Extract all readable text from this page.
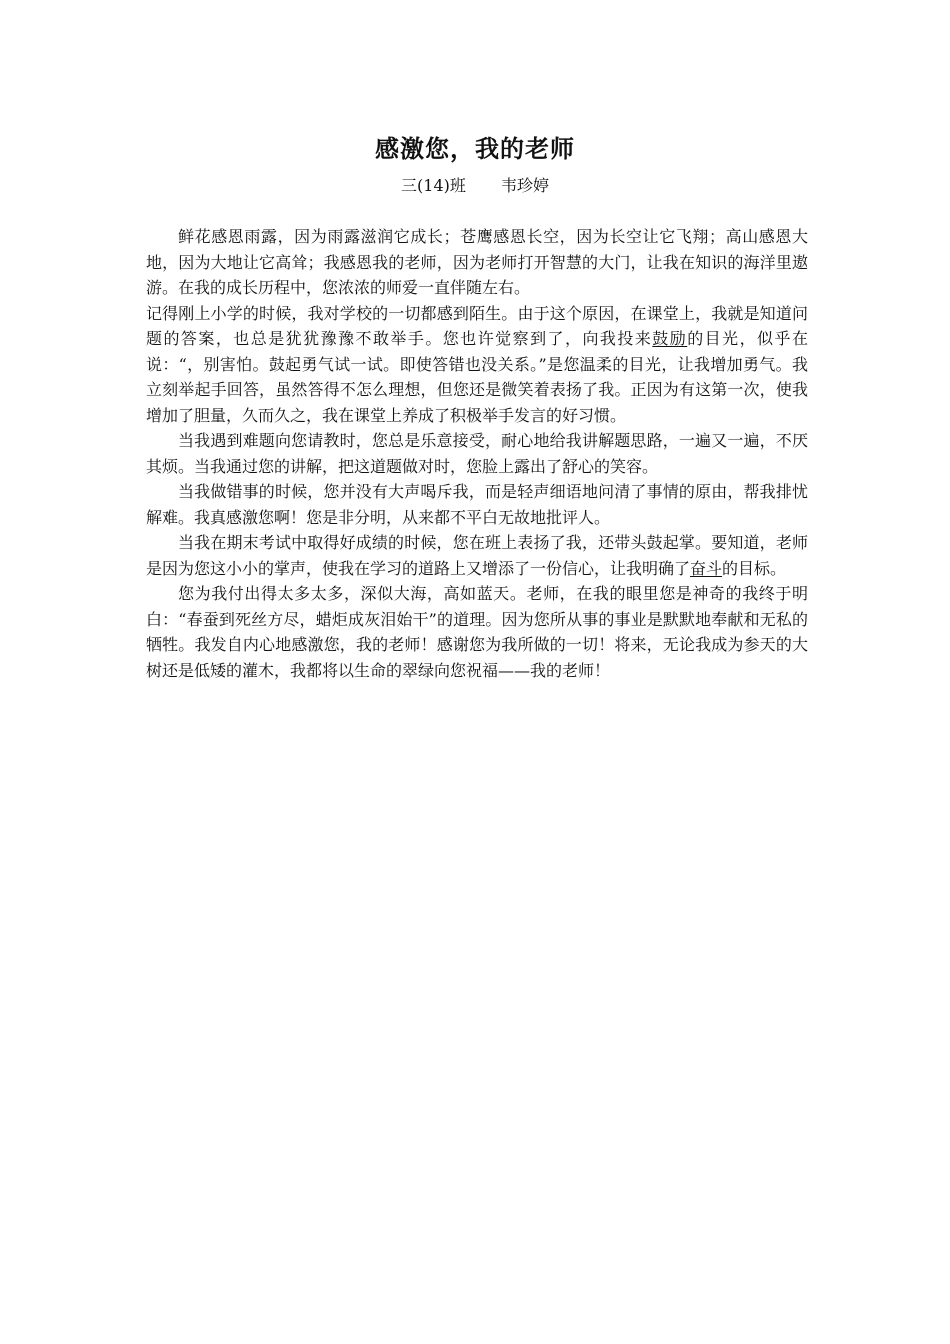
感激您，我的老师
三(14)班 韦珍婷

鲜花感恩雨露，因为雨露滋润它成长；苍鹰感恩长空，因为长空让它飞翔；高山感恩大地，因为大地让它高耸；我感恩我的老师，因为老师打开智慧的大门，让我在知识的海洋里遨游。在我的成长历程中，您浓浓的师爱一直伴随左右。

记得刚上小学的时候，我对学校的一切都感到陌生。由于这个原因，在课堂上，我就是知道问题的答案，也总是犹犹豫豫不敢举手。您也许觉察到了，向我投来鼓励的目光，似乎在说：“，别害怕。鼓起勇气试一试。即使答错也没关系。”是您温柔的目光，让我增加勇气。我立刻举起手回答，虽然答得不怎么理想，但您还是微笑着表扬了我。正因为有这第一次，使我增加了胆量，久而久之，我在课堂上养成了积极举手发言的好习惯。

当我遇到难题向您请教时，您总是乐意接受，耐心地给我讲解题思路，一遍又一遍，不厌其烦。当我通过您的讲解，把这道题做对时，您脸上露出了舒心的笑容。

当我做错事的时候，您并没有大声喝斥我，而是轻声细语地问清了事情的原由，帮我排忧解难。我真感激您啊！您是非分明，从来都不平白无故地批评人。

当我在期末考试中取得好成绩的时候，您在班上表扬了我，还带头鼓起掌。要知道，老师是因为您这小小的掌声，使我在学习的道路上又增添了一份信心，让我明确了奋斗的目标。

您为我付出得太多太多，深似大海，高如蓝天。老师，在我的眼里您是神奇的我终于明白：“春蚕到死丝方尽，蜡炬成灰泪始干”的道理。因为您所从事的事业是默默地奉献和无私的牺牲。我发自内心地感激您，我的老师！感谢您为我所做的一切！将来，无论我成为参天的大树还是低矮的灌木，我都将以生命的翠绿向您祝福——我的老师！
